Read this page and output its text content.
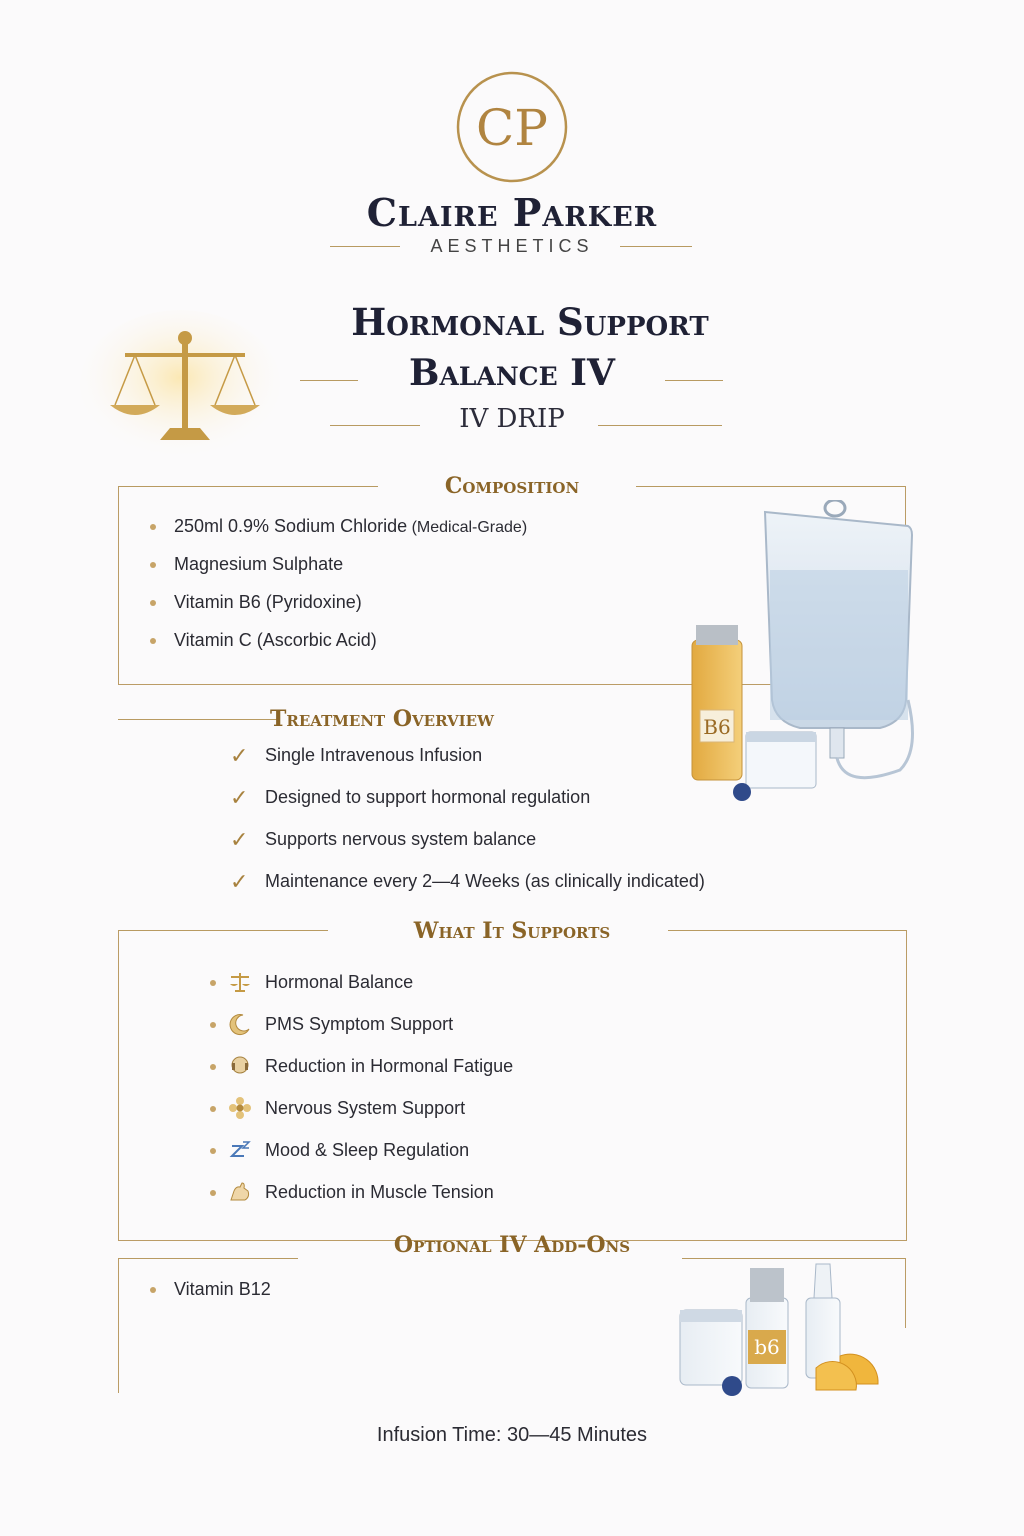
CP
Claire Parker
AESTHETICS
Hormonal Support
Balance IV
IV DRIP
Composition
250ml 0.9% Sodium Chloride (Medical-Grade)
Magnesium Sulphate
Vitamin B6 (Pyridoxine)
Vitamin C (Ascorbic Acid)
B6
Treatment Overview
✓ Single Intravenous Infusion
✓ Designed to support hormonal regulation
✓ Supports nervous system balance
✓ Maintenance every 2—4 Weeks (as clinically indicated)
What It Supports
Hormonal Balance
PMS Symptom Support
Reduction in Hormonal Fatigue
Nervous System Support
Mood & Sleep Regulation
Reduction in Muscle Tension
Optional IV Add-Ons
Vitamin B12
b6
Infusion Time: 30—45 Minutes
